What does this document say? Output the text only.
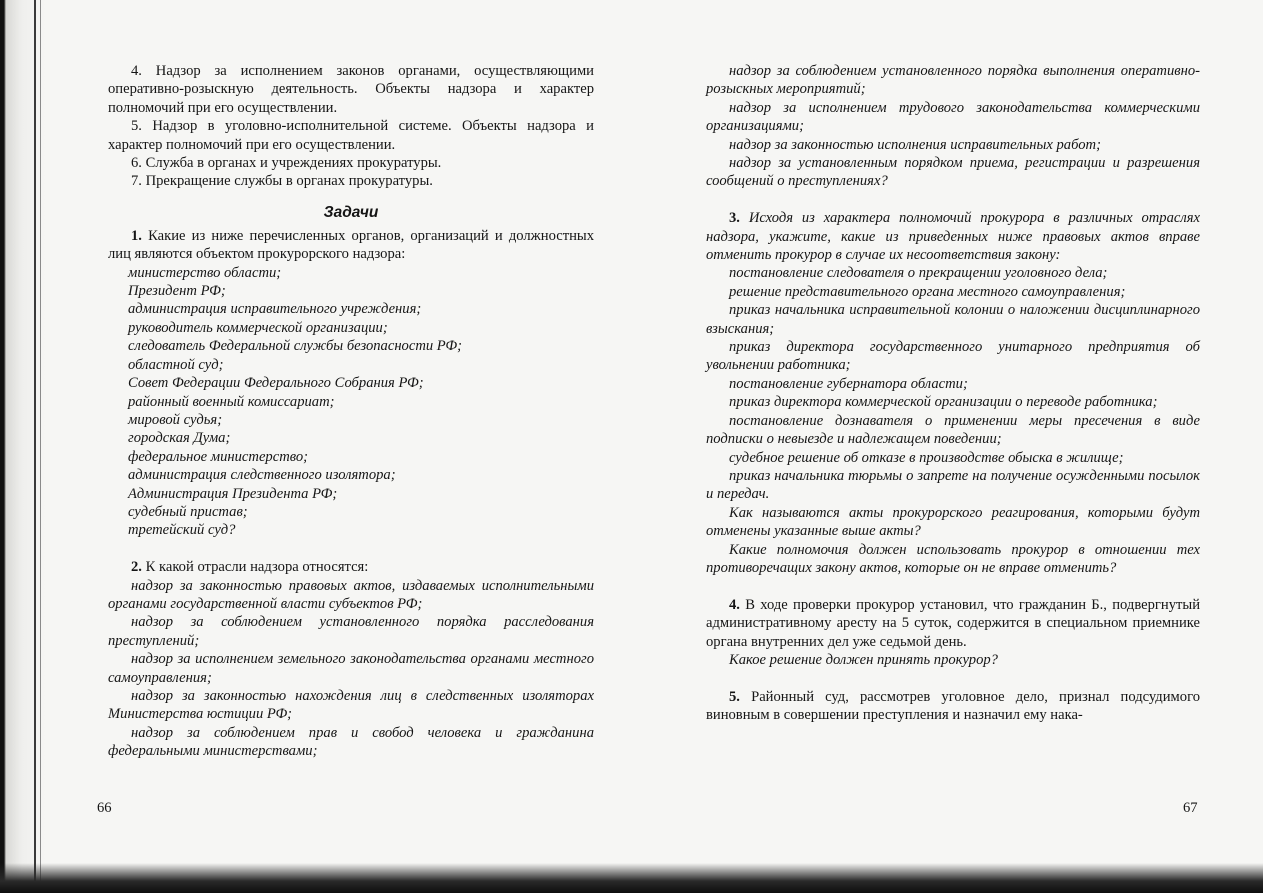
4. Надзор за исполнением законов органами, осуществляющими оперативно-розыскную деятельность. Объекты надзора и характер полномочий при его осуществлении.

5. Надзор в уголовно-исполнительной системе. Объекты надзора и характер полномочий при его осуществлении.

6. Служба в органах и учреждениях прокуратуры.

7. Прекращение службы в органах прокуратуры.

Задачи

1. Какие из ниже перечисленных органов, организаций и должностных лиц являются объектом прокурорского надзора:

министерство области;

Президент РФ;

администрация исправительного учреждения;

руководитель коммерческой организации;

следователь Федеральной службы безопасности РФ;

областной суд;

Совет Федерации Федерального Собрания РФ;

районный военный комиссариат;

мировой судья;

городская Дума;

федеральное министерство;

администрация следственного изолятора;

Администрация Президента РФ;

судебный пристав;

третейский суд?

2. К какой отрасли надзора относятся:

надзор за законностью правовых актов, издаваемых исполнительными органами государственной власти субъектов РФ;

надзор за соблюдением установленного порядка расследования преступлений;

надзор за исполнением земельного законодательства органами местного самоуправления;

надзор за законностью нахождения лиц в следственных изоляторах Министерства юстиции РФ;

надзор за соблюдением прав и свобод человека и гражданина федеральными министерствами;

66

надзор за соблюдением установленного порядка выполнения оперативно-розыскных мероприятий;

надзор за исполнением трудового законодательства коммерческими организациями;

надзор за законностью исполнения исправительных работ;

надзор за установленным порядком приема, регистрации и разрешения сообщений о преступлениях?

3. Исходя из характера полномочий прокурора в различных отраслях надзора, укажите, какие из приведенных ниже правовых актов вправе отменить прокурор в случае их несоответствия закону:

постановление следователя о прекращении уголовного дела;

решение представительного органа местного самоуправления;

приказ начальника исправительной колонии о наложении дисциплинарного взыскания;

приказ директора государственного унитарного предприятия об увольнении работника;

постановление губернатора области;

приказ директора коммерческой организации о переводе работника;

постановление дознавателя о применении меры пресечения в виде подписки о невыезде и надлежащем поведении;

судебное решение об отказе в производстве обыска в жилище;

приказ начальника тюрьмы о запрете на получение осужденными посылок и передач.

Как называются акты прокурорского реагирования, которыми будут отменены указанные выше акты?

Какие полномочия должен использовать прокурор в отношении тех противоречащих закону актов, которые он не вправе отменить?

4. В ходе проверки прокурор установил, что гражданин Б., подвергнутый административному аресту на 5 суток, содержится в специальном приемнике органа внутренних дел уже седьмой день.

Какое решение должен принять прокурор?

5. Районный суд, рассмотрев уголовное дело, признал подсудимого виновным в совершении преступления и назначил ему нака-

67
